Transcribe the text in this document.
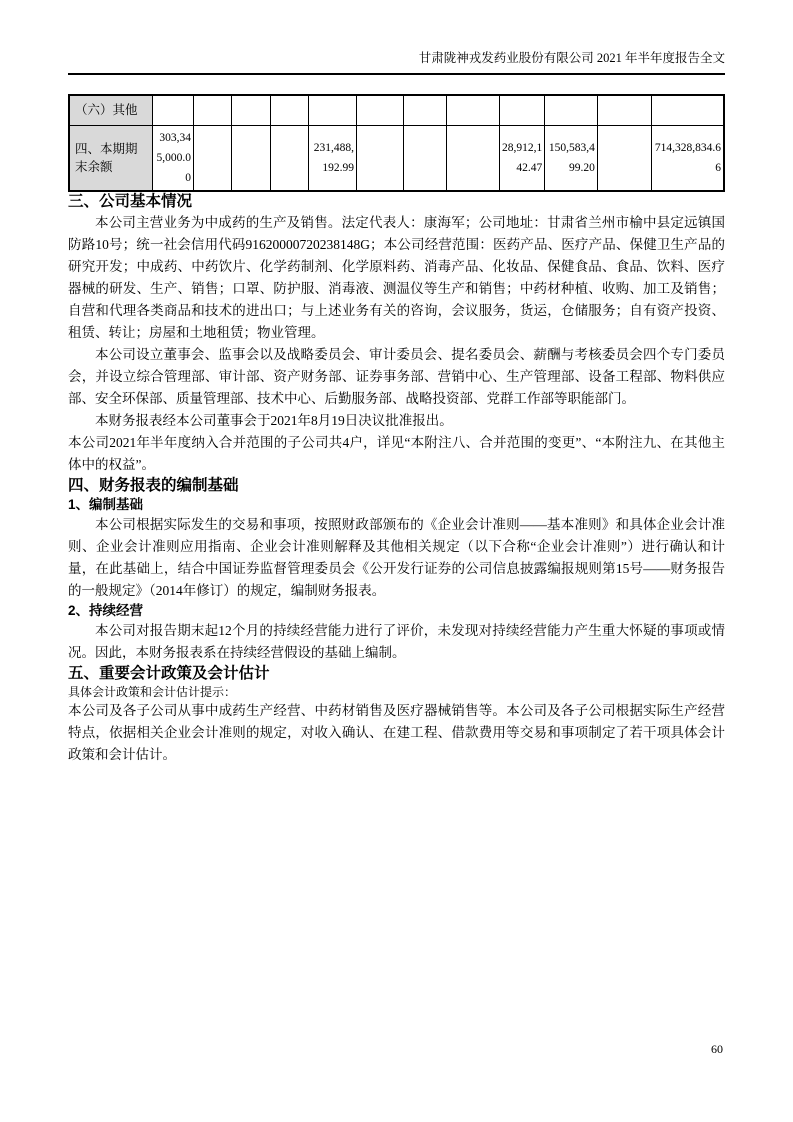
甘肃陇神戎发药业股份有限公司 2021 年半年度报告全文
（六）其他												
四、本期期末余额	303,345,000.00				231,488,192.99				28,912,142.47	150,583,499.20		714,328,834.66
三、公司基本情况

本公司主营业务为中成药的生产及销售。法定代表人：康海军；公司地址：甘肃省兰州市榆中县定远镇国防路10号；统一社会信用代码91620000720238148G；本公司经营范围：医药产品、医疗产品、保健卫生产品的研究开发；中成药、中药饮片、化学药制剂、化学原料药、消毒产品、化妆品、保健食品、食品、饮料、医疗器械的研发、生产、销售；口罩、防护服、消毒液、测温仪等生产和销售；中药材种植、收购、加工及销售；自营和代理各类商品和技术的进出口；与上述业务有关的咨询，会议服务，货运，仓储服务；自有资产投资、租赁、转让；房屋和土地租赁；物业管理。

本公司设立董事会、监事会以及战略委员会、审计委员会、提名委员会、薪酬与考核委员会四个专门委员会，并设立综合管理部、审计部、资产财务部、证券事务部、营销中心、生产管理部、设备工程部、物料供应部、安全环保部、质量管理部、技术中心、后勤服务部、战略投资部、党群工作部等职能部门。

本财务报表经本公司董事会于2021年8月19日决议批准报出。

本公司2021年半年度纳入合并范围的子公司共4户，详见“本附注八、合并范围的变更”、“本附注九、在其他主体中的权益”。

四、财务报表的编制基础
1、编制基础

本公司根据实际发生的交易和事项，按照财政部颁布的《企业会计准则——基本准则》和具体企业会计准则、企业会计准则应用指南、企业会计准则解释及其他相关规定（以下合称“企业会计准则”）进行确认和计量，在此基础上，结合中国证券监督管理委员会《公开发行证券的公司信息披露编报规则第15号——财务报告的一般规定》（2014年修订）的规定，编制财务报表。

2、持续经营

本公司对报告期末起12个月的持续经营能力进行了评价，未发现对持续经营能力产生重大怀疑的事项或情况。因此，本财务报表系在持续经营假设的基础上编制。

五、重要会计政策及会计估计

具体会计政策和会计估计提示：

本公司及各子公司从事中成药生产经营、中药材销售及医疗器械销售等。本公司及各子公司根据实际生产经营特点，依据相关企业会计准则的规定，对收入确认、在建工程、借款费用等交易和事项制定了若干项具体会计政策和会计估计。

60
